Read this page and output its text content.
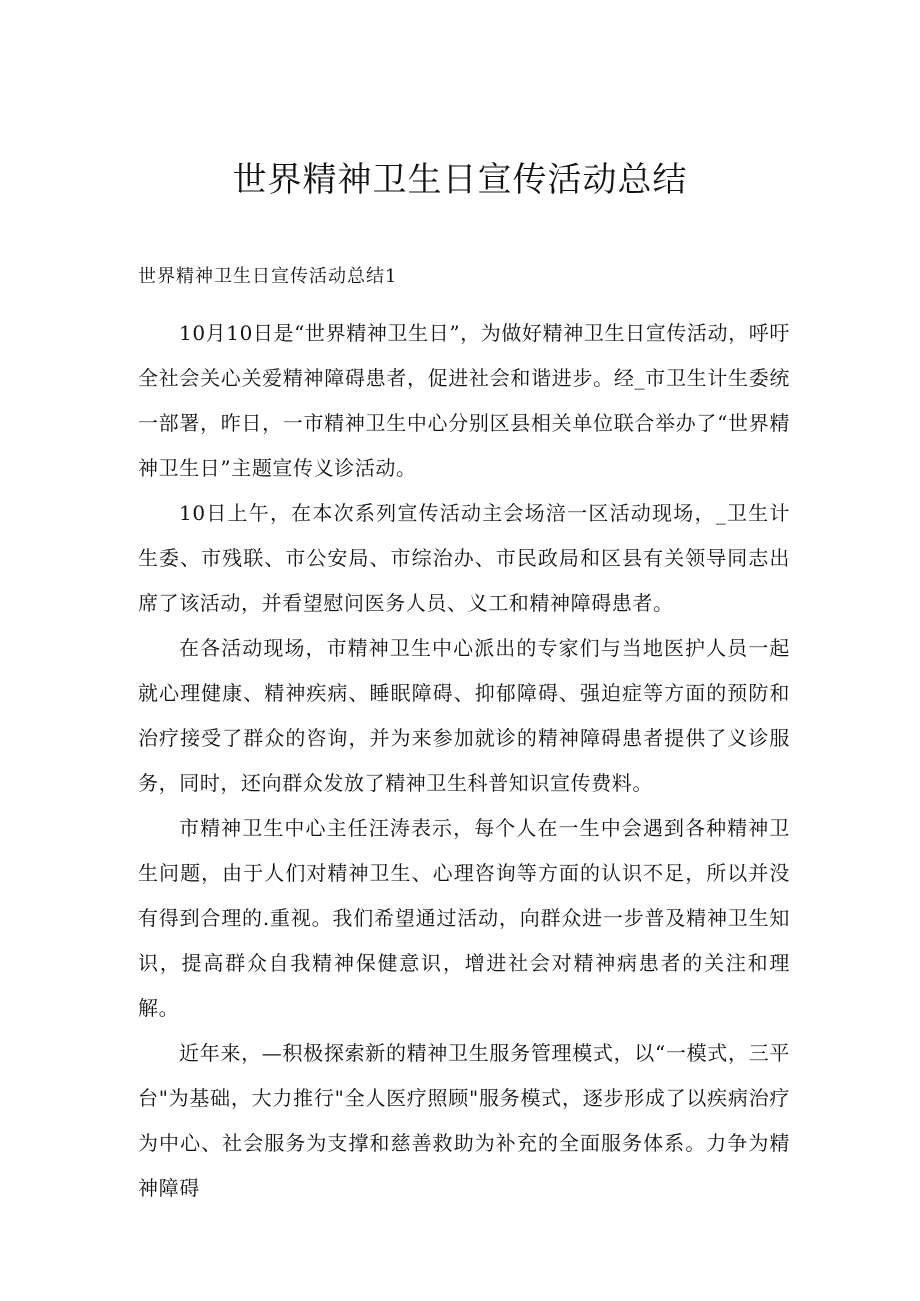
世界精神卫生日宣传活动总结

世界精神卫生日宣传活动总结1

10月10日是“世界精神卫生日”，为做好精神卫生日宣传活动，呼吁全社会关心关爱精神障碍患者，促进社会和谐进步。经_市卫生计生委统一部署，昨日，一市精神卫生中心分别区县相关单位联合举办了“世界精神卫生日”主题宣传义诊活动。

10日上午，在本次系列宣传活动主会场涪一区活动现场，_卫生计生委、市残联、市公安局、市综治办、市民政局和区县有关领导同志出席了该活动，并看望慰问医务人员、义工和精神障碍患者。

在各活动现场，市精神卫生中心派出的专家们与当地医护人员一起就心理健康、精神疾病、睡眠障碍、抑郁障碍、强迫症等方面的预防和治疗接受了群众的咨询，并为来参加就诊的精神障碍患者提供了义诊服务，同时，还向群众发放了精神卫生科普知识宣传费料。

市精神卫生中心主任汪涛表示，每个人在一生中会遇到各种精神卫生问题，由于人们对精神卫生、心理咨询等方面的认识不足，所以并没有得到合理的.重视。我们希望通过活动，向群众进一步普及精神卫生知识，提高群众自我精神保健意识，增进社会对精神病患者的关注和理解。

近年来，—积极探索新的精神卫生服务管理模式，以“一模式，三平台"为基础，大力推行"全人医疗照顾"服务模式，逐步形成了以疾病治疗为中心、社会服务为支撑和慈善救助为补充的全面服务体系。力争为精神障碍
